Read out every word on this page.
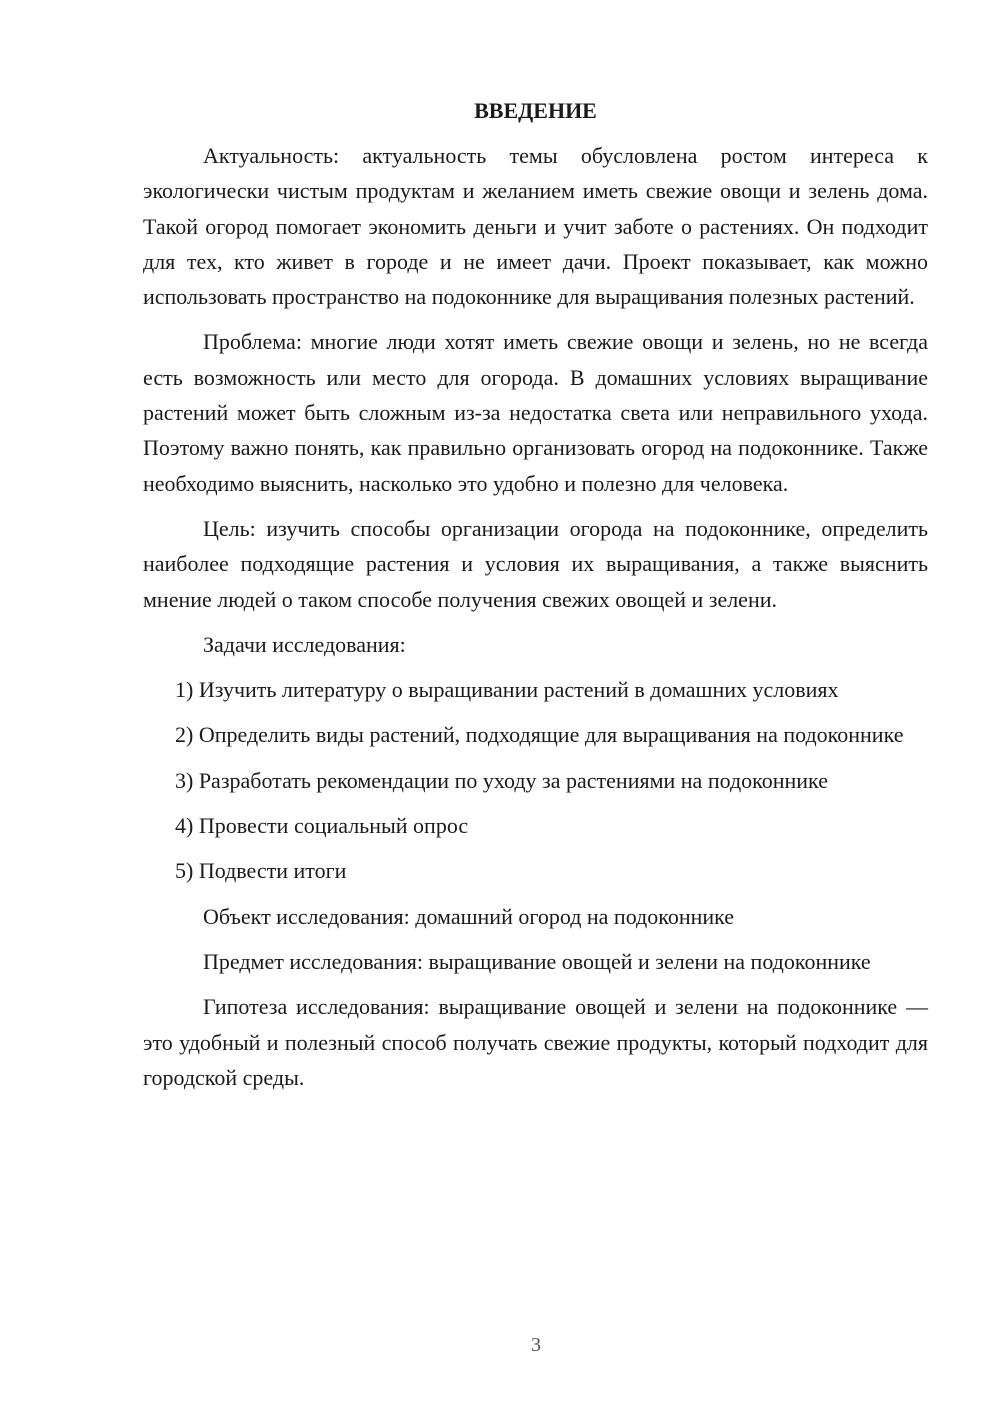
ВВЕДЕНИЕ

Актуальность: актуальность темы обусловлена ростом интереса к экологически чистым продуктам и желанием иметь свежие овощи и зелень дома. Такой огород помогает экономить деньги и учит заботе о растениях. Он подходит для тех, кто живет в городе и не имеет дачи. Проект показывает, как можно использовать пространство на подоконнике для выращивания полезных растений.

Проблема: многие люди хотят иметь свежие овощи и зелень, но не всегда есть возможность или место для огорода. В домашних условиях выращивание растений может быть сложным из-за недостатка света или неправильного ухода. Поэтому важно понять, как правильно организовать огород на подоконнике. Также необходимо выяснить, насколько это удобно и полезно для человека.

Цель: изучить способы организации огорода на подоконнике, определить наиболее подходящие растения и условия их выращивания, а также выяснить мнение людей о таком способе получения свежих овощей и зелени.

Задачи исследования:

1) Изучить литературу о выращивании растений в домашних условиях

2) Определить виды растений, подходящие для выращивания на подоконнике

3) Разработать рекомендации по уходу за растениями на подоконнике

4) Провести социальный опрос

5) Подвести итоги

Объект исследования: домашний огород на подоконнике

Предмет исследования: выращивание овощей и зелени на подоконнике

Гипотеза исследования: выращивание овощей и зелени на подоконнике — это удобный и полезный способ получать свежие продукты, который подходит для городской среды.

3
